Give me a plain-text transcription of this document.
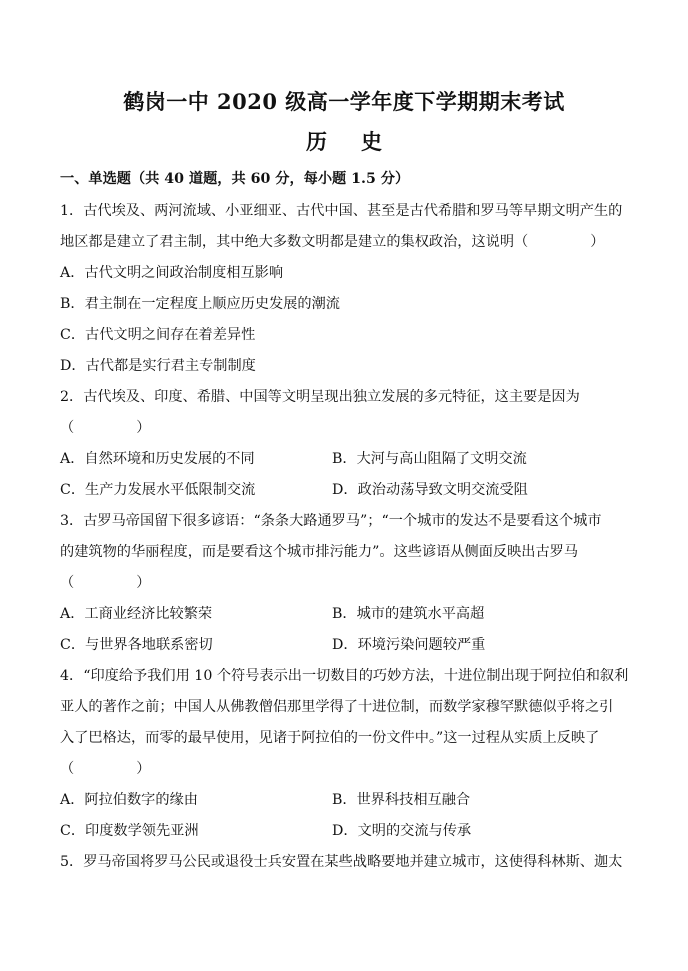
鹤岗一中 2020 级高一学年度下学期期末考试
历 史
一、单选题（共 40 道题，共 60 分，每小题 1.5 分）
1．古代埃及、两河流域、小亚细亚、古代中国、甚至是古代希腊和罗马等早期文明产生的
地区都是建立了君主制，其中绝大多数文明都是建立的集权政治，这说明（	）
A．古代文明之间政治制度相互影响
B．君主制在一定程度上顺应历史发展的潮流
C．古代文明之间存在着差异性
D．古代都是实行君主专制制度
2．古代埃及、印度、希腊、中国等文明呈现出独立发展的多元特征，这主要是因为
（	）
A．自然环境和历史发展的不同	B．大河与高山阻隔了文明交流
C．生产力发展水平低限制交流	D．政治动荡导致文明交流受阻
3．古罗马帝国留下很多谚语：“条条大路通罗马”；“一个城市的发达不是要看这个城市
的建筑物的华丽程度，而是要看这个城市排污能力”。这些谚语从侧面反映出古罗马
（	）
A．工商业经济比较繁荣	B．城市的建筑水平高超
C．与世界各地联系密切	D．环境污染问题较严重
4．“印度给予我们用 10 个符号表示出一切数目的巧妙方法，十进位制出现于阿拉伯和叙利
亚人的著作之前；中国人从佛教僧侣那里学得了十进位制，而数学家穆罕默德似乎将之引
入了巴格达，而零的最早使用，见诸于阿拉伯的一份文件中。”这一过程从实质上反映了
（	）
A．阿拉伯数字的缘由	B．世界科技相互融合
C．印度数学领先亚洲	D．文明的交流与传承
5．罗马帝国将罗马公民或退役士兵安置在某些战略要地并建立城市，这使得科林斯、迦太
